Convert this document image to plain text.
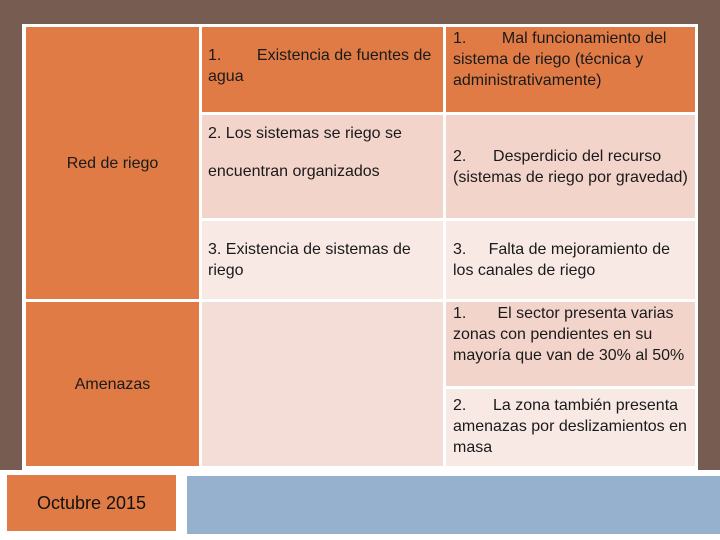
Red de riego
Amenazas
1.        Existencia de fuentes de agua
1.        Mal funcionamiento del sistema de riego (técnica y administrativamente)
2. Los sistemas se riego se
encuentran organizados
2.      Desperdicio del recurso (sistemas de riego por gravedad)
3. Existencia de sistemas de riego
3.     Falta de mejoramiento de los canales de riego
1.       El sector presenta varias zonas con pendientes en su mayoría que van de 30% al 50%
2.      La zona también presenta amenazas por deslizamientos en masa
Octubre 2015
